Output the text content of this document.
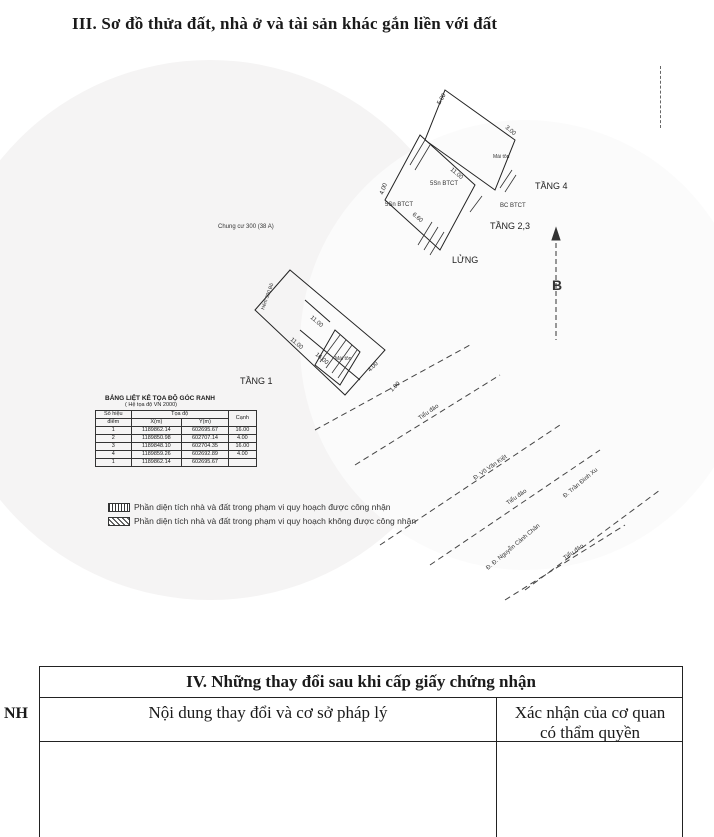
III. Sơ đồ thửa đất, nhà ở và tài sản khác gắn liền với đất
B
TẦNG 1
TẦNG 2,3
TẦNG 4
LỬNG
5Sn BTCT
Mái tôn
BC BTCT
5Sn BTCT
Mái tôn
Chung cư 300 (38 A)
Đ. Võ Văn Kiệt
Đ. Đ. Nguyễn Cảnh Chân
Đ. Trần Đình Xu
Tiểu đảo
Tiểu đảo
Tiểu đảo
Hẻm 300 Bồ
11.00
11.00
4.00
1.00
11.00
6.60
5.00
3.00
4.00
16.00
BẢNG LIỆT KÊ TỌA ĐỘ GÓC RANH
( Hệ tọa độ VN 2000)
Số hiệu	Tọa độ		Cạnh
điểm	X(m)	Y(m)	
1	1189862.14	602695.67	16.00
2	1189850.98	602707.14	4.00
3	1189848.10	602704.35	16.00
4	1189859.26	602692.89	4.00
1	1189862.14	602695.67	
Phần diện tích nhà và đất trong phạm vi quy hoạch được công nhận
Phần diện tích nhà và đất trong phạm vi quy hoạch không được công nhận
NH
IV. Những thay đổi sau khi cấp giấy chứng nhận
Nội dung thay đổi và cơ sở pháp lý	Xác nhận của cơ quan
có thẩm quyền
